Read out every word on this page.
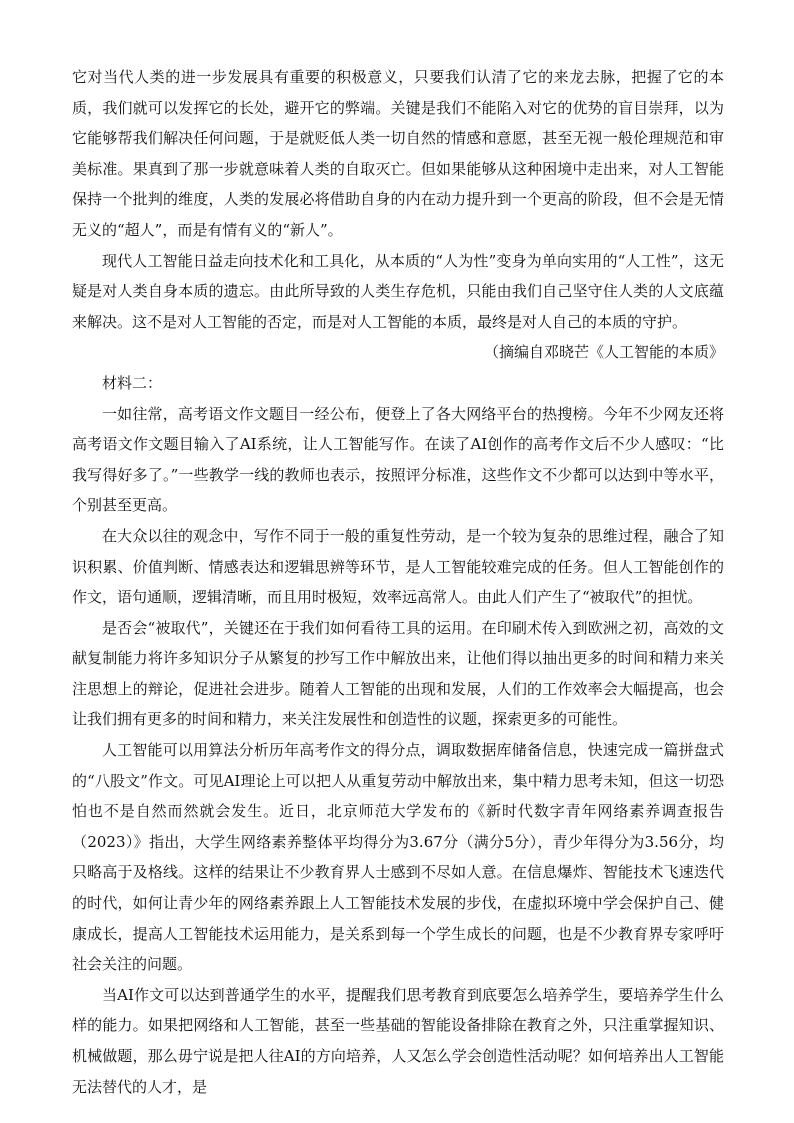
它对当代人类的进一步发展具有重要的积极意义，只要我们认清了它的来龙去脉，把握了它的本质，我们就可以发挥它的长处，避开它的弊端。关键是我们不能陷入对它的优势的盲目崇拜，以为它能够帮我们解决任何问题，于是就贬低人类一切自然的情感和意愿，甚至无视一般伦理规范和审美标准。果真到了那一步就意味着人类的自取灭亡。但如果能够从这种困境中走出来，对人工智能保持一个批判的维度，人类的发展必将借助自身的内在动力提升到一个更高的阶段，但不会是无情无义的“超人”，而是有情有义的“新人”。

现代人工智能日益走向技术化和工具化，从本质的“人为性”变身为单向实用的“人工性”，这无疑是对人类自身本质的遗忘。由此所导致的人类生存危机，只能由我们自己坚守住人类的人文底蕴来解决。这不是对人工智能的否定，而是对人工智能的本质，最终是对人自己的本质的守护。

（摘编自邓晓芒《人工智能的本质》

材料二：

一如往常，高考语文作文题目一经公布，便登上了各大网络平台的热搜榜。今年不少网友还将高考语文作文题目输入了AI系统，让人工智能写作。在读了AI创作的高考作文后不少人感叹：“比我写得好多了。”一些教学一线的教师也表示，按照评分标准，这些作文不少都可以达到中等水平，个别甚至更高。

在大众以往的观念中，写作不同于一般的重复性劳动，是一个较为复杂的思维过程，融合了知识积累、价值判断、情感表达和逻辑思辨等环节，是人工智能较难完成的任务。但人工智能创作的作文，语句通顺，逻辑清晰，而且用时极短，效率远高常人。由此人们产生了“被取代”的担忧。

是否会“被取代”，关键还在于我们如何看待工具的运用。在印刷术传入到欧洲之初，高效的文献复制能力将许多知识分子从繁复的抄写工作中解放出来，让他们得以抽出更多的时间和精力来关注思想上的辩论，促进社会进步。随着人工智能的出现和发展，人们的工作效率会大幅提高，也会让我们拥有更多的时间和精力，来关注发展性和创造性的议题，探索更多的可能性。

人工智能可以用算法分析历年高考作文的得分点，调取数据库储备信息，快速完成一篇拼盘式的“八股文”作文。可见AI理论上可以把人从重复劳动中解放出来，集中精力思考未知，但这一切恐怕也不是自然而然就会发生。近日，北京师范大学发布的《新时代数字青年网络素养调查报告（2023）》指出，大学生网络素养整体平均得分为3.67分（满分5分），青少年得分为3.56分，均只略高于及格线。这样的结果让不少教育界人士感到不尽如人意。在信息爆炸、智能技术飞速迭代的时代，如何让青少年的网络素养跟上人工智能技术发展的步伐，在虚拟环境中学会保护自己、健康成长，提高人工智能技术运用能力，是关系到每一个学生成长的问题，也是不少教育界专家呼吁社会关注的问题。

当AI作文可以达到普通学生的水平，提醒我们思考教育到底要怎么培养学生，要培养学生什么样的能力。如果把网络和人工智能，甚至一些基础的智能设备排除在教育之外，只注重掌握知识、机械做题，那么毋宁说是把人往AI的方向培养，人又怎么学会创造性活动呢？如何培养出人工智能无法替代的人才，是
